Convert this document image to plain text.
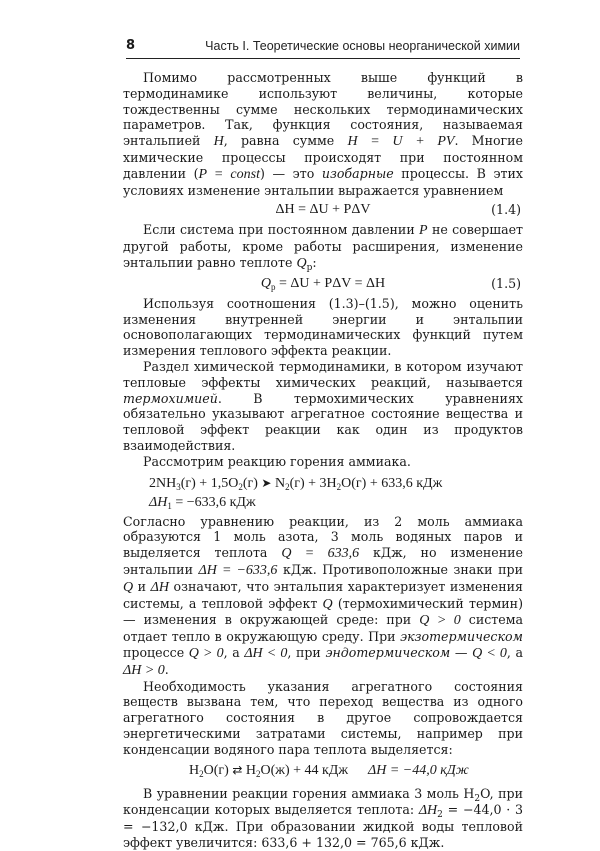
8	Часть I. Теоретические основы неорганической химии

Помимо рассмотренных выше функций в термодинамике используют величины, которые тождественны сумме нескольких термодинамических параметров. Так, функция состояния, называемая энтальпией H, равна сумме H = U + PV. Многие химические процессы происходят при постоянном давлении (P = const) — это изобарные процессы. В этих условиях изменение энтальпии выражается уравнением

ΔH = ΔU + PΔV	(1.4)

Если система при постоянном давлении P не совершает другой работы, кроме работы расширения, изменение энтальпии равно теплоте $Q_p$:

$Q_p = \Delta U + P\Delta V = \Delta H$	(1.5)

Используя соотношения (1.3)–(1.5), можно оценить изменения внутренней энергии и энтальпии основополагающих термодинамических функций путем измерения теплового эффекта реакции.

Раздел химической термодинамики, в котором изучают тепловые эффекты химических реакций, называется термохимией. В термохимических уравнениях обязательно указывают агрегатное состояние вещества и тепловой эффект реакции как один из продуктов взаимодействия.

Рассмотрим реакцию горения аммиака.

$2NH_3(г) + 1,5O_2(г)$ ➤ $N_2(г) + 3H_2O(г) + 633,6$ кДж
$\Delta H_1 = -633,6$ кДж

Согласно уравнению реакции, из 2 моль аммиака образуются 1 моль азота, 3 моль водяных паров и выделяется теплота Q = 633,6 кДж, но изменение энтальпии ΔH = −633,6 кДж. Противоположные знаки при Q и ΔH означают, что энтальпия характеризует изменения системы, а тепловой эффект Q (термохимический термин) — изменения в окружающей среде: при Q > 0 система отдает тепло в окружающую среду. При экзотермическом процессе Q > 0, а ΔH < 0, при эндотермическом — Q < 0, а ΔH > 0.

Необходимость указания агрегатного состояния веществ вызвана тем, что переход вещества из одного агрегатного состояния в другое сопровождается энергетическими затратами системы, например при конденсации водяного пара теплота выделяется:

$H_2O(г)$ ⇄ $H_2O(ж) + 44$ кДж ΔH = −44,0 кДж

В уравнении реакции горения аммиака 3 моль $H_2O$, при конденсации которых выделяется теплота: $\Delta H_2 = -44,0 \cdot 3 = -132,0$ кДж. При образовании жидкой воды тепловой эффект увеличится: 633,6 + 132,0 = 765,6 кДж.
